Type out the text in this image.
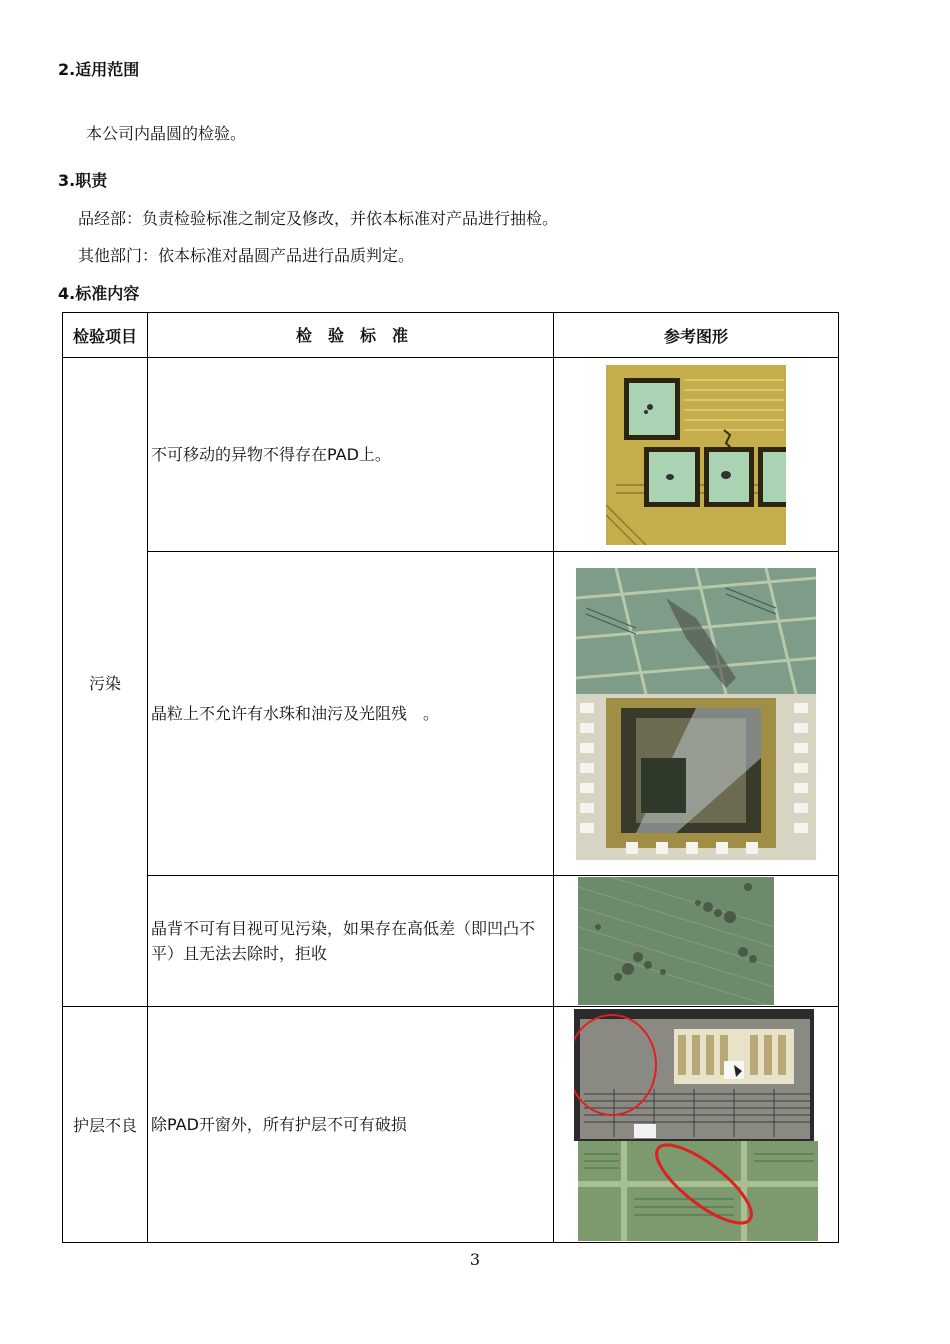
2.适用范围
本公司内晶圆的检验。
3.职责
品经部：负责检验标准之制定及修改，并依本标准对产品进行抽检。
其他部门：依本标准对晶圆产品进行品质判定。
4.标准内容
检验项目	检　验　标　准	参考图形
污染	不可移动的异物不得存在PAD上。	

	晶粒上不允许有水珠和油污及光阻残　。	

	晶背不可有目视可见污染，如果存在高低差（即凹凸不平）且无法去除时，拒收	

护层不良	除PAD开窗外，所有护层不可有破损	
3
